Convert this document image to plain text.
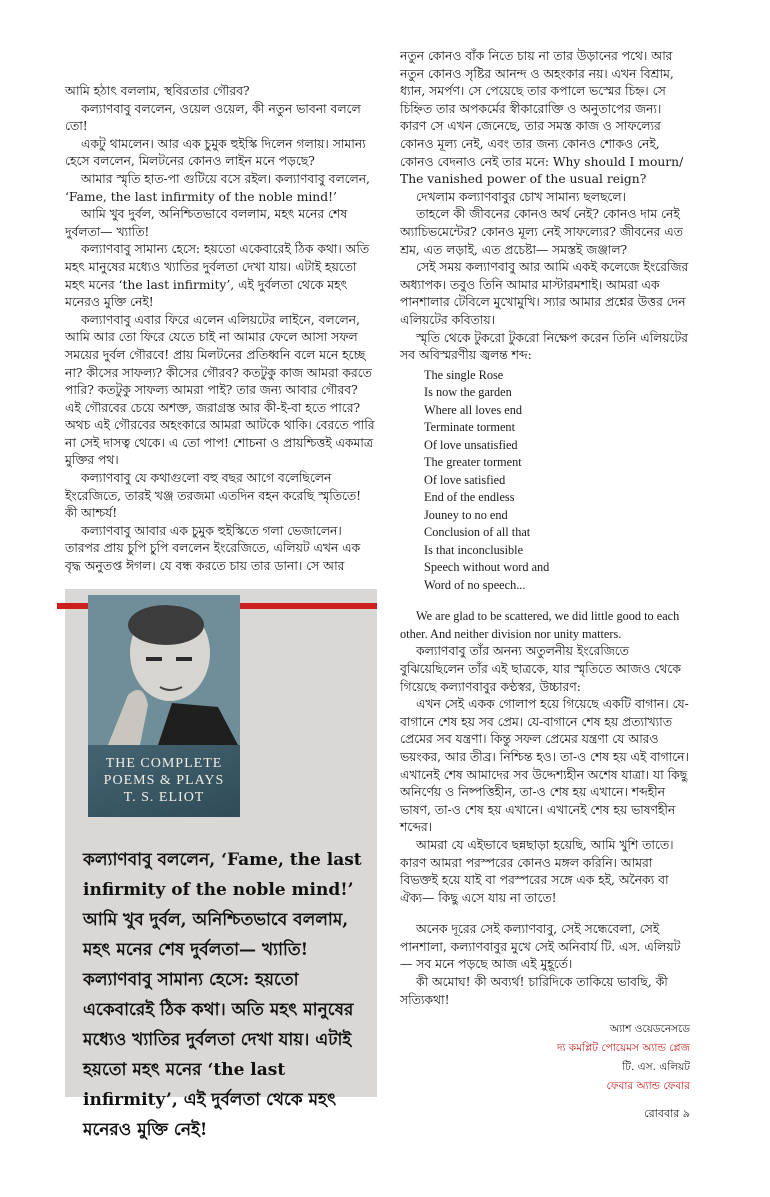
আমি হঠাৎ বললাম, স্থবিরতার গৌরব?

কল্যাণবাবু বললেন, ওয়েল ওয়েল, কী নতুন ভাবনা বললে তো!

একটু থামলেন। আর এক চুমুক হুইস্কি দিলেন গলায়। সামান্য হেসে বললেন, মিলটনের কোনও লাইন মনে পড়ছে?

আমার স্মৃতি হাত-পা গুটিয়ে বসে রইল। কল্যাণবাবু বললেন, ‘Fame, the last infirmity of the noble mind!’

আমি খুব দুর্বল, অনিশ্চিতভাবে বললাম, মহৎ মনের শেষ দুর্বলতা— খ্যাতি!

কল্যাণবাবু সামান্য হেসে: হয়তো একেবারেই ঠিক কথা। অতি মহৎ মানুষের মধ্যেও খ্যাতির দুর্বলতা দেখা যায়। এটাই হয়তো মহৎ মনের ‘the last infirmity’, এই দুর্বলতা থেকে মহৎ মনেরও মুক্তি নেই!

কল্যাণবাবু এবার ফিরে এলেন এলিয়টের লাইনে, বললেন, আমি আর তো ফিরে যেতে চাই না আমার ফেলে আসা সফল সময়ের দুর্বল গৌরবে! প্রায় মিলটনের প্রতিধ্বনি বলে মনে হচ্ছে না? কীসের সাফল্য? কীসের গৌরব? কতটুকু কাজ আমরা করতে পারি? কতটুকু সাফল্য আমরা পাই? তার জন্য আবার গৌরব? এই গৌরবের চেয়ে অশক্ত, জরাগ্রস্ত আর কী-ই-বা হতে পারে? অথচ এই গৌরবের অহংকারে আমরা আটকে থাকি। বেরতে পারি না সেই দাসত্ব থেকে। এ তো পাপ! শোচনা ও প্রায়শ্চিত্তই একমাত্র মুক্তির পথ।

কল্যাণবাবু যে কথাগুলো বহু বছর আগে বলেছিলেন ইংরেজিতে, তারই খঞ্জ তরজমা এতদিন বহন করেছি স্মৃতিতে! কী আশ্চর্য!

কল্যাণবাবু আবার এক চুমুক হুইস্কিতে গলা ভেজালেন। তারপর প্রায় চুপি চুপি বললেন ইংরেজিতে, এলিয়ট এখন এক বৃদ্ধ অনুতপ্ত ঈগল। যে বন্ধ করতে চায় তার ডানা। সে আর

THE COMPLETE
POEMS & PLAYS
T. S. ELIOT
কল্যাণবাবু বললেন, ‘Fame, the last infirmity of the noble mind!’ আমি খুব দুর্বল, অনিশ্চিতভাবে বললাম, মহৎ মনের শেষ দুর্বলতা— খ্যাতি! কল্যাণবাবু সামান্য হেসে: হয়তো একেবারেই ঠিক কথা। অতি মহৎ মানুষের মধ্যেও খ্যাতির দুর্বলতা দেখা যায়। এটাই হয়তো মহৎ মনের ‘the last infirmity’, এই দুর্বলতা থেকে মহৎ মনেরও মুক্তি নেই!

নতুন কোনও বাঁক নিতে চায় না তার উড়ানের পথে। আর নতুন কোনও সৃষ্টির আনন্দ ও অহংকার নয়। এখন বিশ্রাম, ধ্যান, সমর্পণ। সে পেয়েছে তার কপালে ভস্মের চিহ্ন। সে চিহ্নিত তার অপকর্মের স্বীকারোক্তি ও অনুতাপের জন্য। কারণ সে এখন জেনেছে, তার সমস্ত কাজ ও সাফল্যের কোনও মূল্য নেই, এবং তার জন্য কোনও শোকও নেই, কোনও বেদনাও নেই তার মনে: Why should I mourn/ The vanished power of the usual reign?

দেখলাম কল্যাণবাবুর চোখ সামান্য ছলছলে।

তাহলে কী জীবনের কোনও অর্থ নেই? কোনও দাম নেই অ্যাচিভমেন্টের? কোনও মূল্য নেই সাফল্যের? জীবনের এত শ্রম, এত লড়াই, এত প্রচেষ্টা— সমস্তই জঞ্জাল?

সেই সময় কল্যাণবাবু আর আমি একই কলেজে ইংরেজির অধ্যাপক। তবুও তিনি আমার মাস্টারমশাই। আমরা এক পানশালার টেবিলে মুখোমুখি। স্যার আমার প্রশ্নের উত্তর দেন এলিয়টের কবিতায়।

স্মৃতি থেকে টুকরো টুকরো নিক্ষেপ করেন তিনি এলিয়টের সব অবিস্মরণীয় জ্বলন্ত শব্দ:

The single Rose
Is now the garden
Where all loves end
Terminate torment
Of love unsatisfied
The greater torment
Of love satisfied
End of the endless
Jouney to no end
Conclusion of all that
Is that inconclusible
Speech without word and
Word of no speech...

We are glad to be scattered, we did little good to each other. And neither division nor unity matters.

কল্যাণবাবু তাঁর অনন্য অতুলনীয় ইংরেজিতে বুঝিয়েছিলেন তাঁর এই ছাত্রকে, যার স্মৃতিতে আজও থেকে গিয়েছে কল্যাণবাবুর কণ্ঠস্বর, উচ্চারণ:

এখন সেই একক গোলাপ হয়ে গিয়েছে একটি বাগান। যে-বাগানে শেষ হয় সব প্রেম। যে-বাগানে শেষ হয় প্রত্যাখ্যাত প্রেমের সব যন্ত্রণা। কিন্তু সফল প্রেমের যন্ত্রণা যে আরও ভয়ংকর, আর তীব্র। নিশ্চিন্ত হও। তা-ও শেষ হয় এই বাগানে। এখানেই শেষ আমাদের সব উদ্দেশ্যহীন অশেষ যাত্রা। যা কিছু অনির্ণেয় ও নিষ্পত্তিহীন, তা-ও শেষ হয় এখানে। শব্দহীন ভাষণ, তা-ও শেষ হয় এখানে। এখানেই শেষ হয় ভাষণহীন শব্দের।

আমরা যে এইভাবে ছন্নছাড়া হয়েছি, আমি খুশি তাতে। কারণ আমরা পরস্পরের কোনও মঙ্গল করিনি। আমরা বিভক্তই হয়ে যাই বা পরস্পরের সঙ্গে এক হই, অনৈক্য বা ঐক্য— কিছু এসে যায় না তাতে!

অনেক দূরের সেই কল্যাণবাবু, সেই সন্ধেবেলা, সেই পানশালা, কল্যাণবাবুর মুখে সেই অনিবার্য টি. এস. এলিয়ট— সব মনে পড়ছে আজ এই মুহূর্তে।

কী অমোঘ! কী অব্যর্থ! চারিদিকে তাকিয়ে ভাবছি, কী সত্যিকথা!

অ্যাশ ওয়েডনেসডে
দ্য কমপ্লিট পোয়েমস অ্যান্ড প্লেজ
টি. এস. এলিয়ট
ফেবার অ্যান্ড ফেবার
রোববার ৯
